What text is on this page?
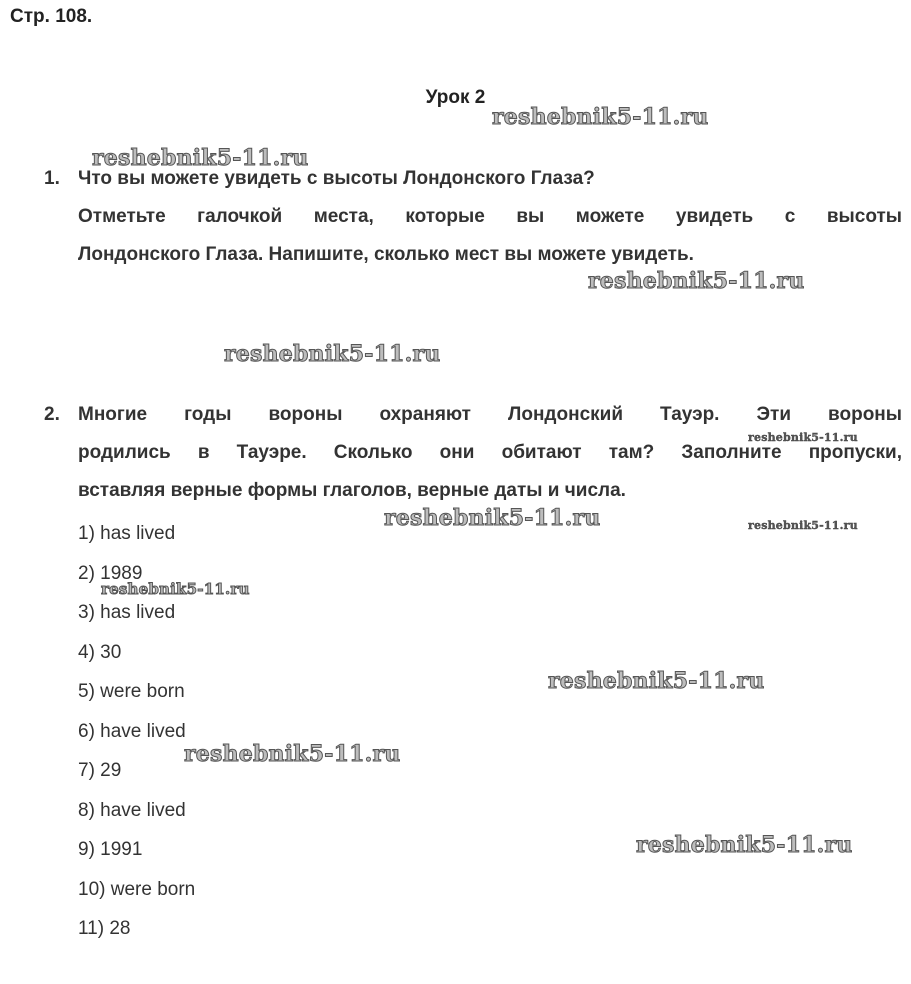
Стр. 108.
Урок 2
1. Что вы можете увидеть с высоты Лондонского Глаза?
Отметьте галочкой места, которые вы можете увидеть с высоты
Лондонского Глаза. Напишите, сколько мест вы можете увидеть.
2. Многие годы вороны охраняют Лондонский Тауэр. Эти вороны
родились в Тауэре. Сколько они обитают там? Заполните пропуски,
вставляя верные формы глаголов, верные даты и числа.
1) has lived
2) 1989
3) has lived
4) 30
5) were born
6) have lived
7) 29
8) have lived
9) 1991
10) were born
11) 28
reshebnik5-11.ru
reshebnik5-11.ru
reshebnik5-11.ru
reshebnik5-11.ru
reshebnik5-11.ru
reshebnik5-11.ru	reshebnik5-11.ru
reshebnik5-11.ru
reshebnik5-11.ru
reshebnik5-11.ru
reshebnik5-11.ru
